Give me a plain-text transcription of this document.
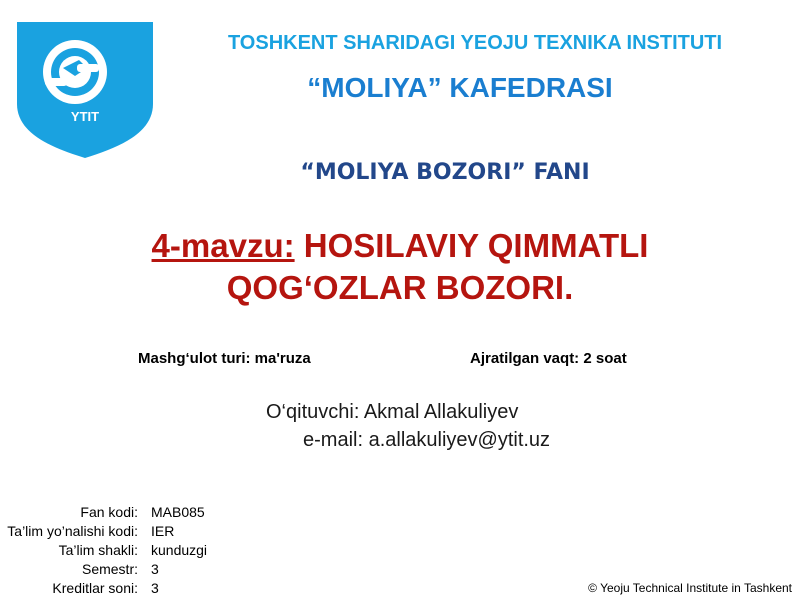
YTIT
TOSHKENT SHARIDAGI YEOJU TEXNIKA INSTITUTI
“MOLIYA” KAFEDRASI
“MOLIYA BOZORI” FANI
4-mavzu: HOSILAVIY QIMMATLI
QOG‘OZLAR BOZORI.
Mashg‘ulot turi: ma'ruza	Ajratilgan vaqt: 2 soat
O‘qituvchi: Akmal Allakuliyev
e-mail: a.allakuliyev@ytit.uz
Fan kodi:	MAB085
Ta’lim yo’nalishi kodi:	IER
Ta’lim shakli:	kunduzgi
Semestr:	3
Kreditlar soni:	3	© Yeoju Technical Institute in Tashkent
